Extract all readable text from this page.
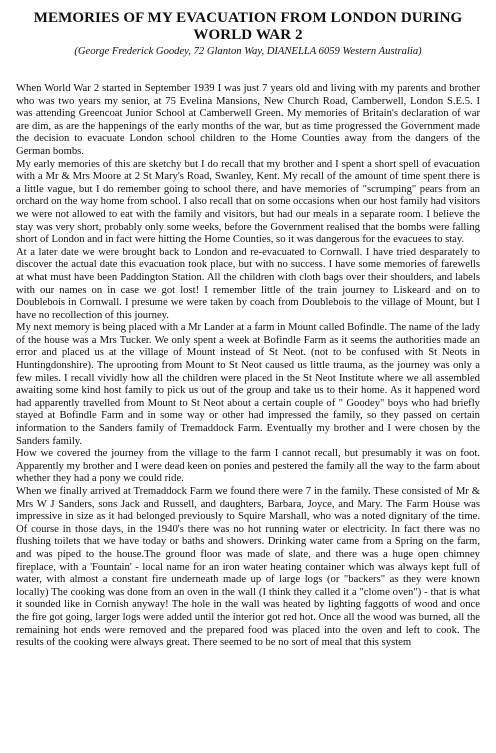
MEMORIES OF MY EVACUATION FROM LONDON DURING
WORLD WAR 2

(George Frederick Goodey, 72 Glanton Way, DIANELLA 6059 Western Australia)

When World War 2 started in September 1939 I was just 7 years old and living with my parents and brother who was two years my senior, at 75 Evelina Mansions, New Church Road, Camberwell, London S.E.5. I was attending Greencoat Junior School at Camberwell Green. My memories of Britain's declaration of war are dim, as are the happenings of the early months of the war, but as time progressed the Government made the decision to evacuate London school children to the Home Counties away from the dangers of the German bombs.

My early memories of this are sketchy but I do recall that my brother and I spent a short spell of evacuation with a Mr & Mrs Moore at 2 St Mary's Road, Swanley, Kent. My recall of the amount of time spent there is a little vague, but I do remember going to school there, and have memories of "scrumping" pears from an orchard on the way home from school. I also recall that on some occasions when our host family had visitors we were not allowed to eat with the family and visitors, but had our meals in a separate room. I believe the stay was very short, probably only some weeks, before the Government realised that the bombs were falling short of London and in fact were hitting the Home Counties, so it was dangerous for the evacuees to stay.

At a later date we were brought back to London and re-evacuated to Cornwall. I have tried desparately to discover the actual date this evacuation took place, but with no success. I have some memories of farewells at what must have been Paddington Station. All the children with cloth bags over their shoulders, and labels with our names on in case we got lost! I remember little of the train journey to Liskeard and on to Doublebois in Cornwall. I presume we were taken by coach from Doublebois to the village of Mount, but I have no recollection of this journey.

My next memory is being placed with a Mr Lander at a farm in Mount called Bofindle. The name of the lady of the house was a Mrs Tucker. We only spent a week at Bofindle Farm as it seems the authorities made an error and placed us at the village of Mount instead of St Neot. (not to be confused with St Neots in Huntingdonshire). The uprooting from Mount to St Neot caused us little trauma, as the journey was only a few miles. I recall vividly how all the children were placed in the St Neot Institute where we all assembled awaiting some kind host family to pick us out of the group and take us to their home. As it happened word had apparently travelled from Mount to St Neot about a certain couple of " Goodey" boys who had briefly stayed at Bofindle Farm and in some way or other had impressed the family, so they passed on certain information to the Sanders family of Tremaddock Farm. Eventually my brother and I were chosen by the Sanders family.

How we covered the journey from the village to the farm I cannot recall, but presumably it was on foot. Apparently my brother and I were dead keen on ponies and pestered the family all the way to the farm about whether they had a pony we could ride.

When we finally arrived at Tremaddock Farm we found there were 7 in the family. These consisted of Mr & Mrs W J Sanders, sons Jack and Russell, and daughters, Barbara, Joyce, and Mary. The Farm House was impressive in size as it had belonged previously to Squire Marshall, who was a noted dignitary of the time. Of course in those days, in the 1940's there was no hot running water or electricity. In fact there was no flushing toilets that we have today or baths and showers. Drinking water came from a Spring on the farm, and was piped to the house.The ground floor was made of slate, and there was a huge open chimney fireplace, with a 'Fountain' - local name for an iron water heating container which was always kept full of water, with almost a constant fire underneath made up of large logs (or "backers" as they were known locally) The cooking was done from an oven in the wall (I think they called it a "clome oven") - that is what it sounded like in Cornish anyway! The hole in the wall was heated by lighting faggotts of wood and once the fire got going, larger logs were added until the interior got red hot. Once all the wood was burned, all the remaining hot ends were removed and the prepared food was placed into the oven and left to cook. The results of the cooking were always great. There seemed to be no sort of meal that this system
